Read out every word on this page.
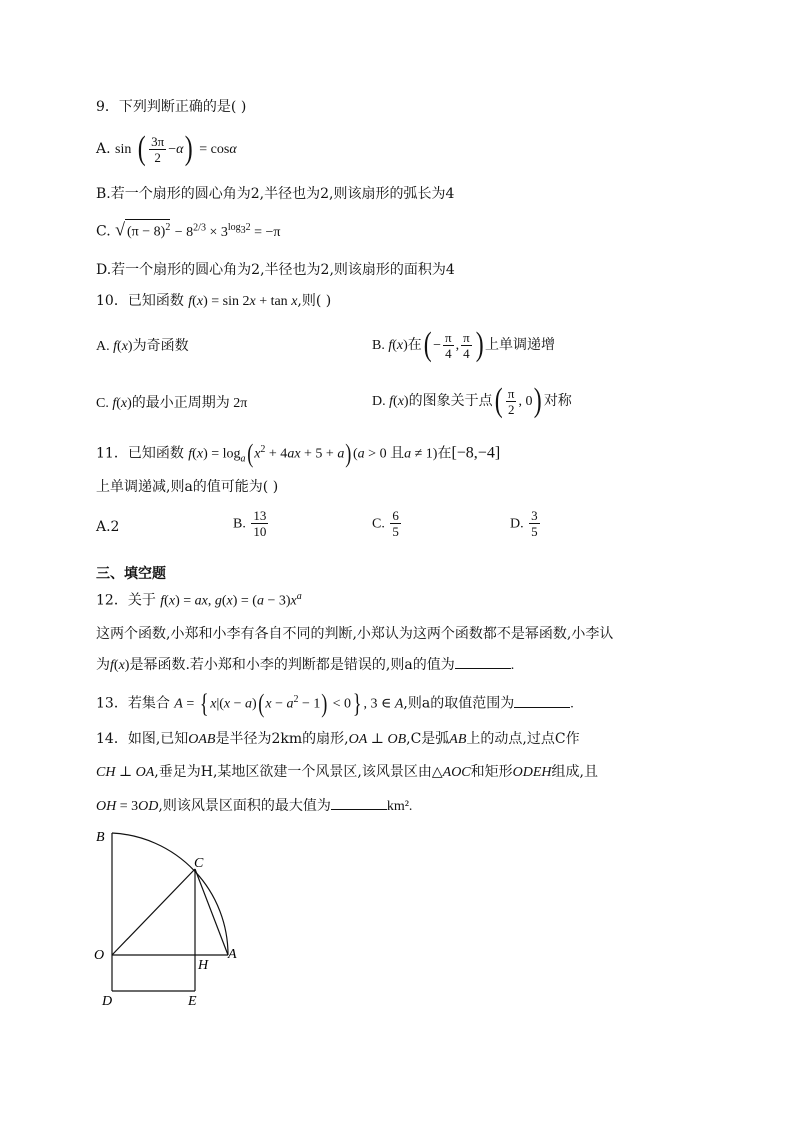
9．下列判断正确的是( )
A. sin ( $\frac{3\pi}{2} -\alpha) = \cos\alpha$
B.若一个扇形的圆心角为2,半径也为2,则该扇形的弧长为4
C. √ $(\pi - 8)^2 - 8^{2/3} \times 3^{log_32} = -\pi$
D.若一个扇形的圆心角为2,半径也为2,则该扇形的面积为4
10．已知函数 f(x) = sin 2x + tan x,则( )
A. f(x)为奇函数	B. f(x)在( − $\frac{\pi}{4}$ , $\frac{\pi}{4}$ ) 上单调递增
C. f(x)的最小正周期为 2π	D. f(x)的图象关于点( $\frac{\pi}{2}$ , 0) 对称
11．已知函数 $f(x) = \log_a(x^2 + 4ax + 5 + a)(a > 0$ 且a ≠ 1)在[−8,−4]
上单调递减,则a的值可能为( )
A.2	B. $\frac{13}{10}$	C. $\frac{6}{5}$	D. $\frac{3}{5}$
三、填空题
12．关于 f(x) = ax, $g(x) = (a - 3)x^a$
这两个函数,小郑和小李有各自不同的判断,小郑认为这两个函数都不是幂函数,小李认
为f(x)是幂函数.若小郑和小李的判断都是错误的,则a的值为	.
13．若集合 A = { $x|(x - a)(x - a^2 - 1) < 0$} , 3 ∈ A,则a的取值范围为	.
14．如图,已知OAB是半径为2km的扇形,OA ⊥ OB,C是弧AB上的动点,过点C作
CH ⊥ OA,垂足为H,某地区欲建一个风景区,该风景区由△AOC和矩形ODEH组成,且
OH = 3OD,则该风景区面积的最大值为	km².
B
C
O
H
A
D	E
